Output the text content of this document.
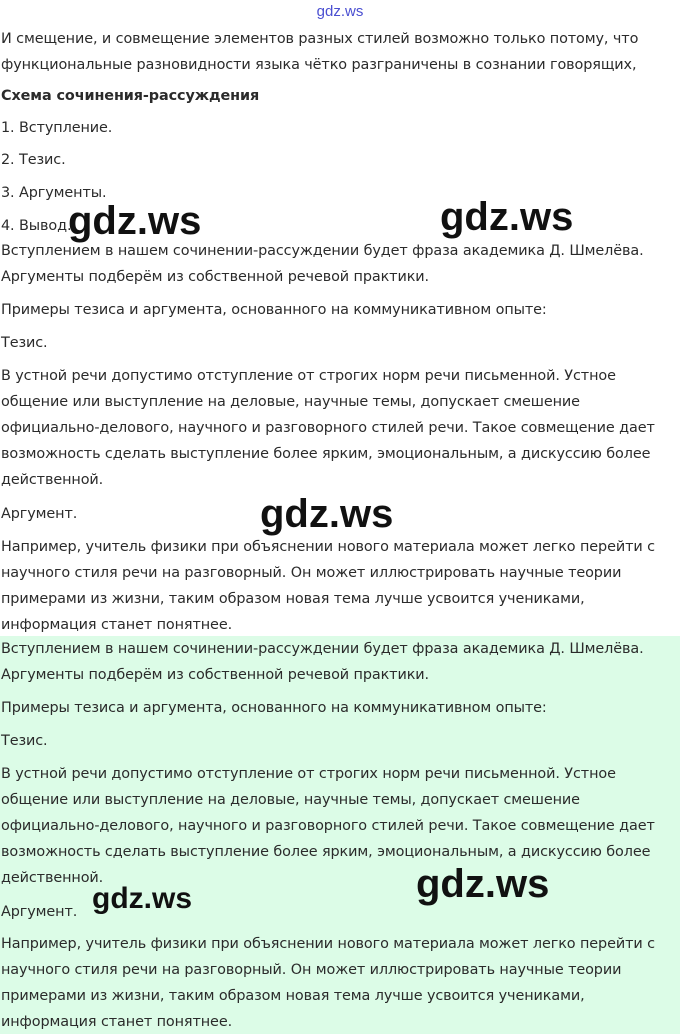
gdz.ws
И смещение, и совмещение элементов разных стилей возможно только потому, что
функциональные разновидности языка чётко разграничены в сознании говорящих,
Схема сочинения-рассуждения
1. Вступление.
2. Тезис.
3. Аргументы.
4. Вывод.
Вступлением в нашем сочинении-рассуждении будет фраза академика Д. Шмелёва.
Аргументы подберём из собственной речевой практики.
Примеры тезиса и аргумента, основанного на коммуникативном опыте:
Тезис.
В устной речи допустимо отступление от строгих норм речи письменной. Устное
общение или выступление на деловые, научные темы, допускает смешение
официально-делового, научного и разговорного стилей речи. Такое совмещение дает
возможность сделать выступление более ярким, эмоциональным, а дискуссию более
действенной.
Аргумент.
Например, учитель физики при объяснении нового материала может легко перейти с
научного стиля речи на разговорный. Он может иллюстрировать научные теории
примерами из жизни, таким образом новая тема лучше усвоится учениками,
информация станет понятнее.
Вступлением в нашем сочинении-рассуждении будет фраза академика Д. Шмелёва.
Аргументы подберём из собственной речевой практики.
Примеры тезиса и аргумента, основанного на коммуникативном опыте:
Тезис.
В устной речи допустимо отступление от строгих норм речи письменной. Устное
общение или выступление на деловые, научные темы, допускает смешение
официально-делового, научного и разговорного стилей речи. Такое совмещение дает
возможность сделать выступление более ярким, эмоциональным, а дискуссию более
действенной.
Аргумент.
Например, учитель физики при объяснении нового материала может легко перейти с
научного стиля речи на разговорный. Он может иллюстрировать научные теории
примерами из жизни, таким образом новая тема лучше усвоится учениками,
информация станет понятнее.
gdz.ws	gdz.ws
gdz.ws
gdz.ws
gdz.ws
